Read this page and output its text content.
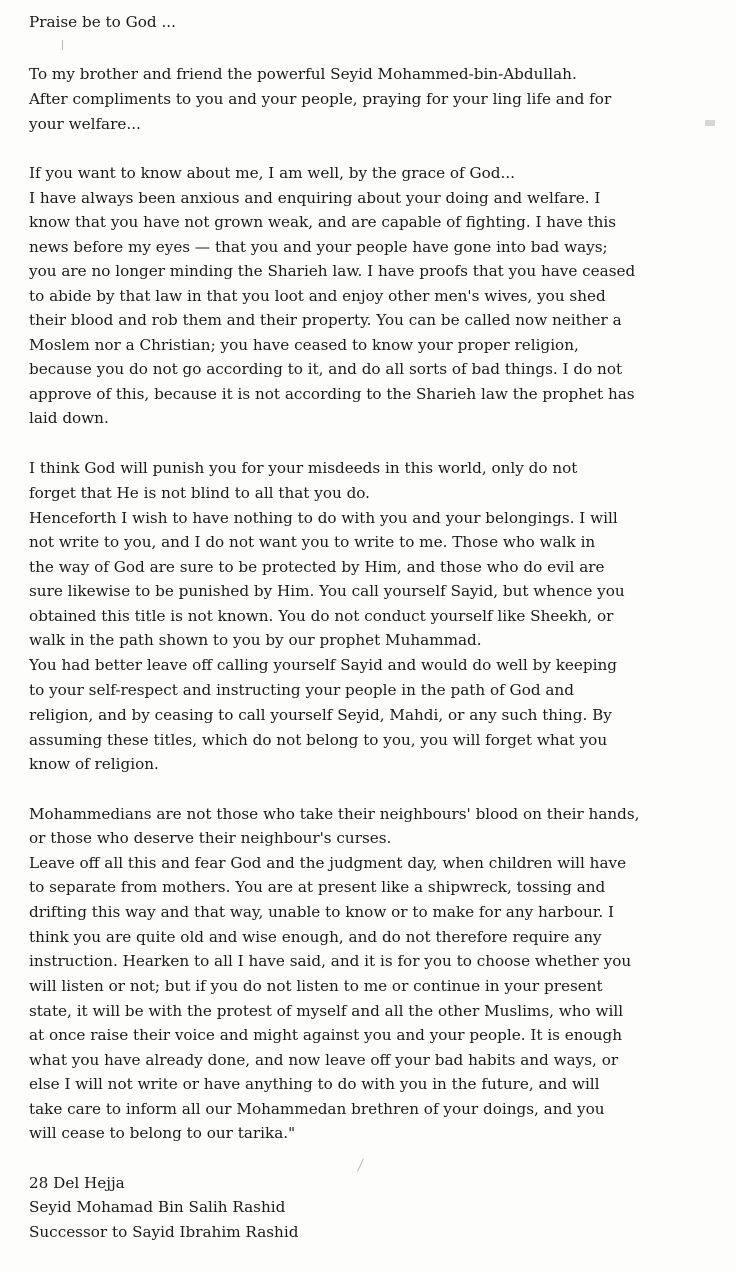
Praise be to God ...
To my brother and friend the powerful Seyid Mohammed-bin-Abdullah.
After compliments to you and your people, praying for your ling life and for
your welfare...
If you want to know about me, I am well, by the grace of God...
I have always been anxious and enquiring about your doing and welfare. I
know that you have not grown weak, and are capable of fighting. I have this
news before my eyes — that you and your people have gone into bad ways;
you are no longer minding the Sharieh law. I have proofs that you have ceased
to abide by that law in that you loot and enjoy other men's wives, you shed
their blood and rob them and their property. You can be called now neither a
Moslem nor a Christian; you have ceased to know your proper religion,
because you do not go according to it, and do all sorts of bad things. I do not
approve of this, because it is not according to the Sharieh law the prophet has
laid down.
I think God will punish you for your misdeeds in this world, only do not
forget that He is not blind to all that you do.
Henceforth I wish to have nothing to do with you and your belongings. I will
not write to you, and I do not want you to write to me. Those who walk in
the way of God are sure to be protected by Him, and those who do evil are
sure likewise to be punished by Him. You call yourself Sayid, but whence you
obtained this title is not known. You do not conduct yourself like Sheekh, or
walk in the path shown to you by our prophet Muhammad.
You had better leave off calling yourself Sayid and would do well by keeping
to your self-respect and instructing your people in the path of God and
religion, and by ceasing to call yourself Seyid, Mahdi, or any such thing. By
assuming these titles, which do not belong to you, you will forget what you
know of religion.
Mohammedians are not those who take their neighbours' blood on their hands,
or those who deserve their neighbour's curses.
Leave off all this and fear God and the judgment day, when children will have
to separate from mothers. You are at present like a shipwreck, tossing and
drifting this way and that way, unable to know or to make for any harbour. I
think you are quite old and wise enough, and do not therefore require any
instruction. Hearken to all I have said, and it is for you to choose whether you
will listen or not; but if you do not listen to me or continue in your present
state, it will be with the protest of myself and all the other Muslims, who will
at once raise their voice and might against you and your people. It is enough
what you have already done, and now leave off your bad habits and ways, or
else I will not write or have anything to do with you in the future, and will
take care to inform all our Mohammedan brethren of your doings, and you
will cease to belong to our tarika."
28 Del Hejja
Seyid Mohamad Bin Salih Rashid
Successor to Sayid Ibrahim Rashid
